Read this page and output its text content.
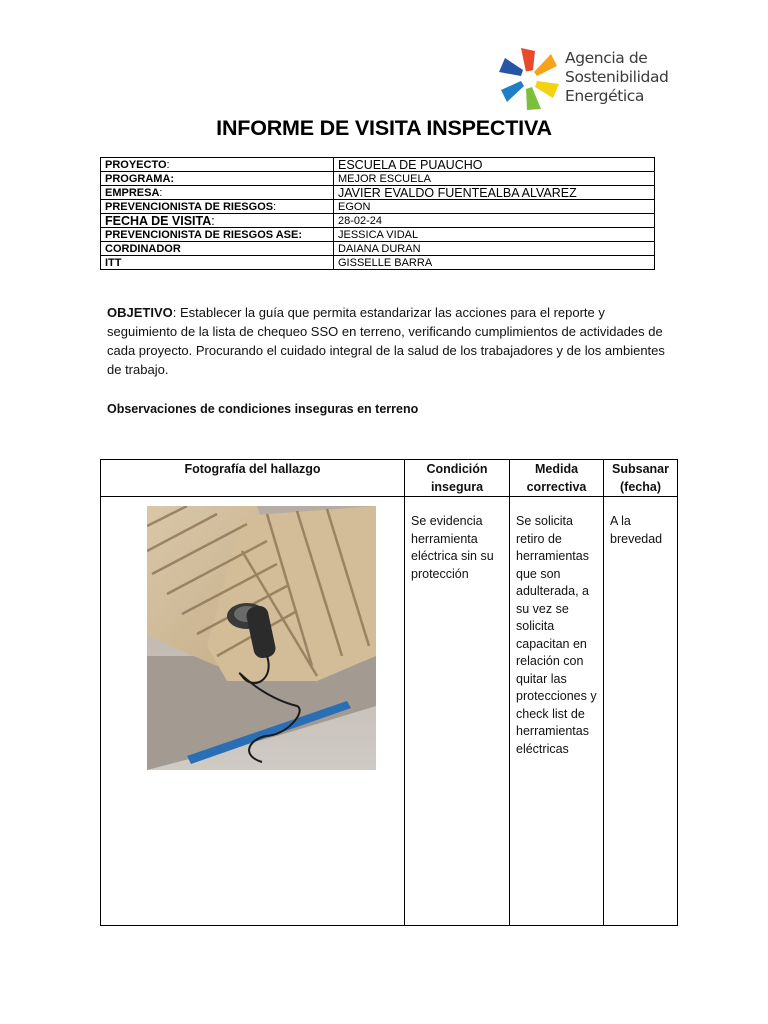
Agencia de
Sostenibilidad
Energética
INFORME DE VISITA INSPECTIVA
PROYECTO:	ESCUELA DE PUAUCHO
PROGRAMA:	MEJOR ESCUELA
EMPRESA:	JAVIER EVALDO FUENTEALBA ALVAREZ
PREVENCIONISTA DE RIESGOS:	EGON
FECHA DE VISITA:	28-02-24
PREVENCIONISTA DE RIESGOS ASE:	JESSICA VIDAL
CORDINADOR	DAIANA DURAN
ITT	GISSELLE BARRA
OBJETIVO: Establecer la guía que permita estandarizar las acciones para el reporte y seguimiento de la lista de chequeo SSO en terreno, verificando cumplimientos de actividades de cada proyecto. Procurando el cuidado integral de la salud de los trabajadores y de los ambientes de trabajo.
Observaciones de condiciones inseguras en terreno
Fotografía del hallazgo	Condición insegura	Medida correctiva	Subsanar (fecha)

	Se evidencia herramienta eléctrica sin su protección	Se solicita retiro de herramientas que son adulterada, a su vez se solicita capacitan en relación con quitar las protecciones y check list de herramientas eléctricas	A la brevedad
